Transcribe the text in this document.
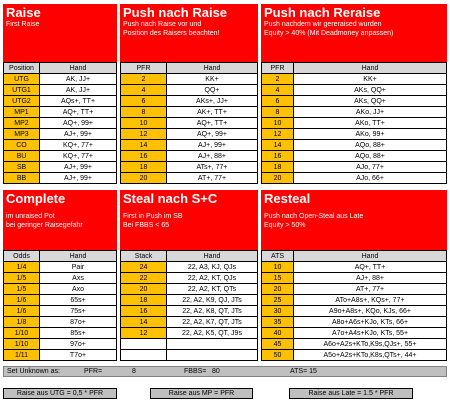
Raise
First Raise
Position	Hand
UTG	AK, JJ+
UTG1	AK, JJ+
UTG2	AQs+, TT+
MP1	AQ+, TT+
MP2	AQ+, 99+
MP3	AJ+, 99+
CO	KQ+, 77+
BU	KQ+, 77+
SB	AJ+, 99+
BB	AJ+, 99+
Push nach Raise
Push nach Raise vor und
Position des Raisers beachten!
PFR	Hand
2	KK+
4	QQ+
6	AKs+, JJ+
8	AK+, TT+
10	AQ+, TT+
12	AQ+, 99+
14	AJ+, 99+
16	AJ+, 88+
18	ATs+, 77+
20	AT+, 77+
Push nach Reraise
Push nachdem wir gereraised wurden
Equity > 40% (Mit Deadmoney anpassen)
PFR	Hand
2	KK+
4	AKs, QQ+
6	AKs, QQ+
8	AKo, JJ+
10	AKo, TT+
12	AKo, 99+
14	AQo, 88+
16	AQo, 88+
18	AJo, 77+
20	AJo, 66+
Complete
im unraised Pot
bei geringer Raisegefahr
Odds	Hand
1/4	Pair
1/5	Axs
1/5	Axo
1/6	65s+
1/6	75s+
1/8	87o+
1/10	85s+
1/10	97o+
1/11	T7o+
Steal nach S+C
First in Push im SB
Bei FBBS < 65
Stack	Hand
24	22, A3, KJ, QJs
22	22, A2, KT, QJs
20	22, A2, KT, QTs
18	22, A2, K9, QJ, JTs
16	22, A2, K8, QT, JTs
14	22, A2, K7, QT, JTs
12	22, A2, K5, QT, J9s

Resteal
Push nach Open-Steal aus Late
Equity > 50%
ATS	Hand
10	AQ+, TT+
15	AJ+, 88+
20	AT+, 77+
25	ATo+A8s+, KQs+, 77+
30	A9o+A8s+, KQo, KJs, 66+
35	A8o+A6s+KJo, KTs, 66+
40	A7o+A4s+KJo, KTs, 55+
45	A6o+A2s+KTo,K9s,QJs+, 55+
50	A5o+A2s+KTo,K8s,QTs+, 44+
Set Unknown as:	PFR=	8	FBBS= 80	ATS= 15
Raise aus UTG = 0,5 * PFR	Raise aus MP = PFR	Raise aus Late = 1.5 * PFR
